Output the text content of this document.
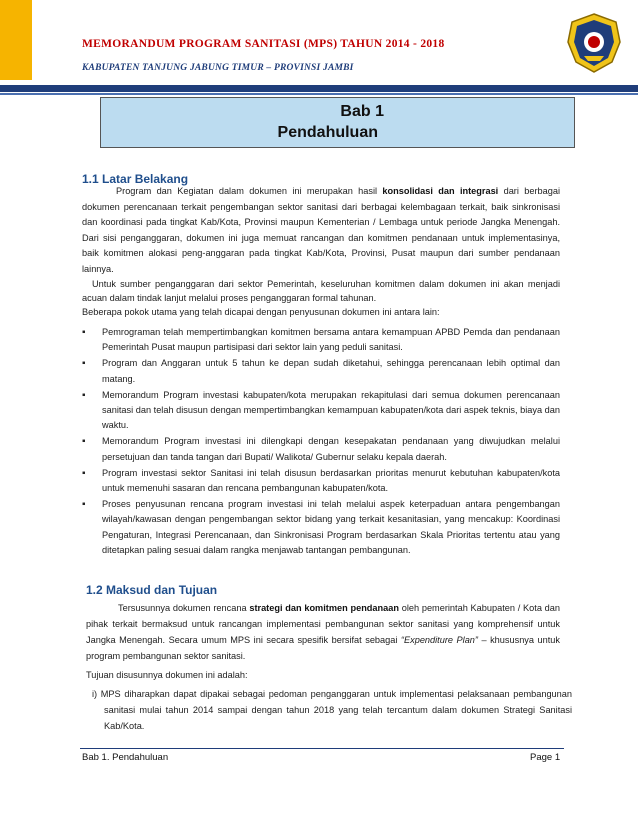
MEMORANDUM PROGRAM SANITASI (MPS) TAHUN 2014 - 2018
KABUPATEN TANJUNG JABUNG TIMUR – PROVINSI JAMBI
Bab 1
Pendahuluan
1.1 Latar Belakang
Program dan Kegiatan dalam dokumen ini merupakan hasil konsolidasi dan integrasi dari berbagai dokumen perencanaan terkait pengembangan sektor sanitasi dari berbagai kelembagaan terkait, baik sinkronisasi dan koordinasi pada tingkat Kab/Kota, Provinsi maupun Kementerian / Lembaga untuk periode Jangka Menengah. Dari sisi penganggaran, dokumen ini juga memuat rancangan dan komitmen pendanaan untuk implementasinya, baik komitmen alokasi peng-anggaran pada tingkat Kab/Kota, Provinsi, Pusat maupun dari sumber pendanaan lainnya.
Untuk sumber penganggaran dari sektor Pemerintah, keseluruhan komitmen dalam dokumen ini akan menjadi acuan dalam tindak lanjut melalui proses penganggaran formal tahunan.
Beberapa pokok utama yang telah dicapai dengan penyusunan dokumen ini antara lain:
▪ Pemrograman telah mempertimbangkan komitmen bersama antara kemampuan APBD Pemda dan pendanaan Pemerintah Pusat maupun partisipasi dari sektor lain yang peduli sanitasi.
▪ Program dan Anggaran untuk 5 tahun ke depan sudah diketahui, sehingga perencanaan lebih optimal dan matang.
▪ Memorandum Program investasi kabupaten/kota merupakan rekapitulasi dari semua dokumen perencanaan sanitasi dan telah disusun dengan mempertimbangkan kemampuan kabupaten/kota dari aspek teknis, biaya dan waktu.
▪ Memorandum Program investasi ini dilengkapi dengan kesepakatan pendanaan yang diwujudkan melalui persetujuan dan tanda tangan dari Bupati/ Walikota/ Gubernur selaku kepala daerah.
▪ Program investasi sektor Sanitasi ini telah disusun berdasarkan prioritas menurut kebutuhan kabupaten/kota untuk memenuhi sasaran dan rencana pembangunan kabupaten/kota.
▪ Proses penyusunan rencana program investasi ini telah melalui aspek keterpaduan antara pengembangan wilayah/kawasan dengan pengembangan sektor bidang yang terkait kesanitasian, yang mencakup: Koordinasi Pengaturan, Integrasi Perencanaan, dan Sinkronisasi Program berdasarkan Skala Prioritas tertentu atau yang ditetapkan paling sesuai dalam rangka menjawab tantangan pembangunan.
1.2 Maksud dan Tujuan
Tersusunnya dokumen rencana strategi dan komitmen pendanaan oleh pemerintah Kabupaten / Kota dan pihak terkait bermaksud untuk rancangan implementasi pembangunan sektor sanitasi yang komprehensif untuk Jangka Menengah. Secara umum MPS ini secara spesifik bersifat sebagai “Expenditure Plan” – khususnya untuk program pembangunan sektor sanitasi.
Tujuan disusunnya dokumen ini adalah:
i) MPS diharapkan dapat dipakai sebagai pedoman penganggaran untuk implementasi pelaksanaan pembangunan sanitasi mulai tahun 2014 sampai dengan tahun 2018 yang telah tercantum dalam dokumen Strategi Sanitasi Kab/Kota.
Bab 1. Pendahuluan	Page 1
